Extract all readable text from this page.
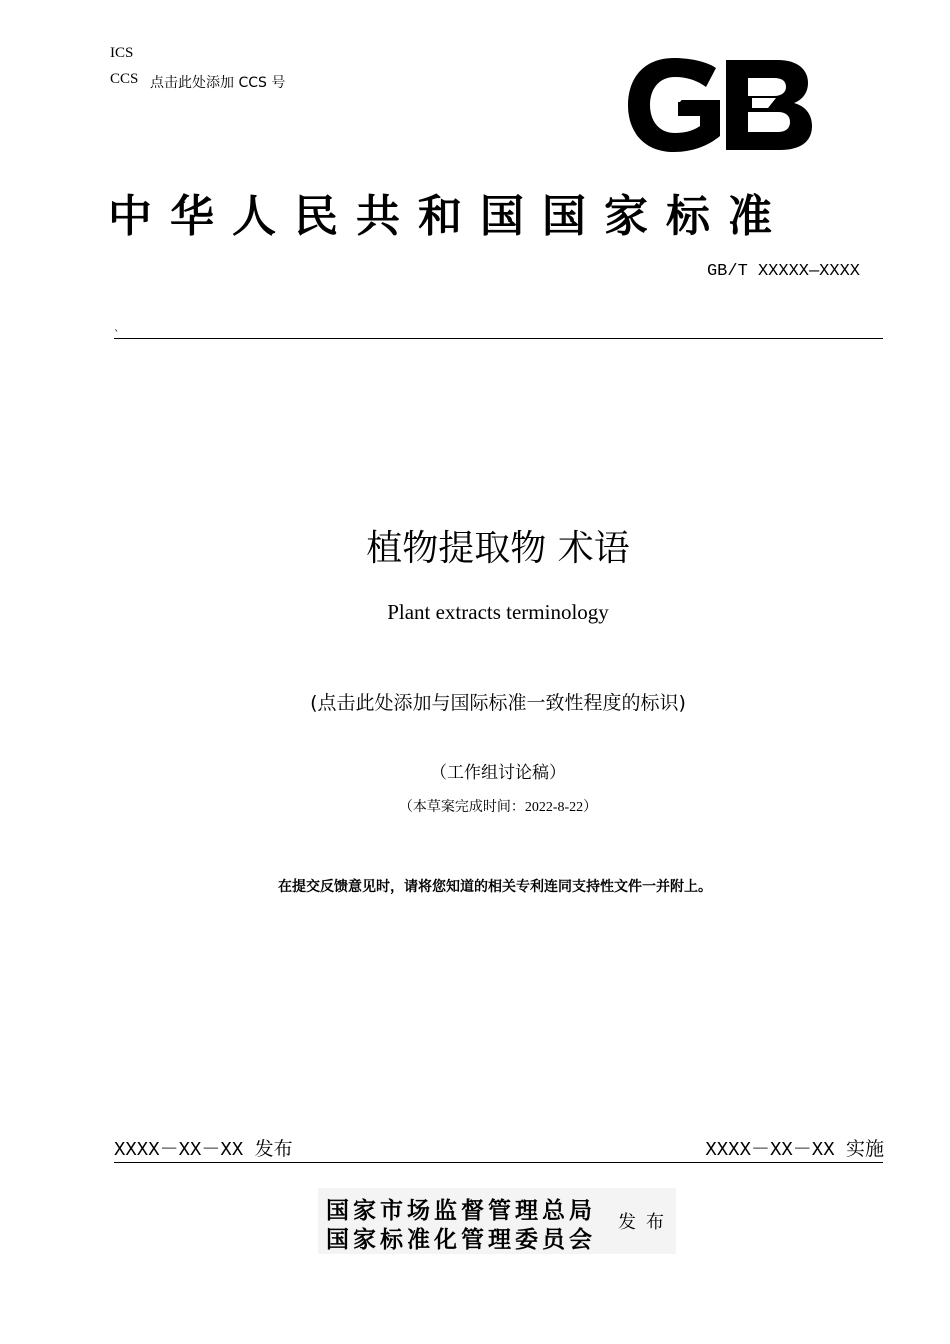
ICS
CCS 点击此处添加 CCS 号
中华人民共和国国家标准
GB/T XXXXX—XXXX
`
植物提取物 术语
Plant extracts terminology
(点击此处添加与国际标准一致性程度的标识)
（工作组讨论稿）
（本草案完成时间：2022-8-22）
在提交反馈意见时，请将您知道的相关专利连同支持性文件一并附上。
XXXX－XX－XX 发布	XXXX－XX－XX 实施
国家市场监督管理总局
国家标准化管理委员会
发布
